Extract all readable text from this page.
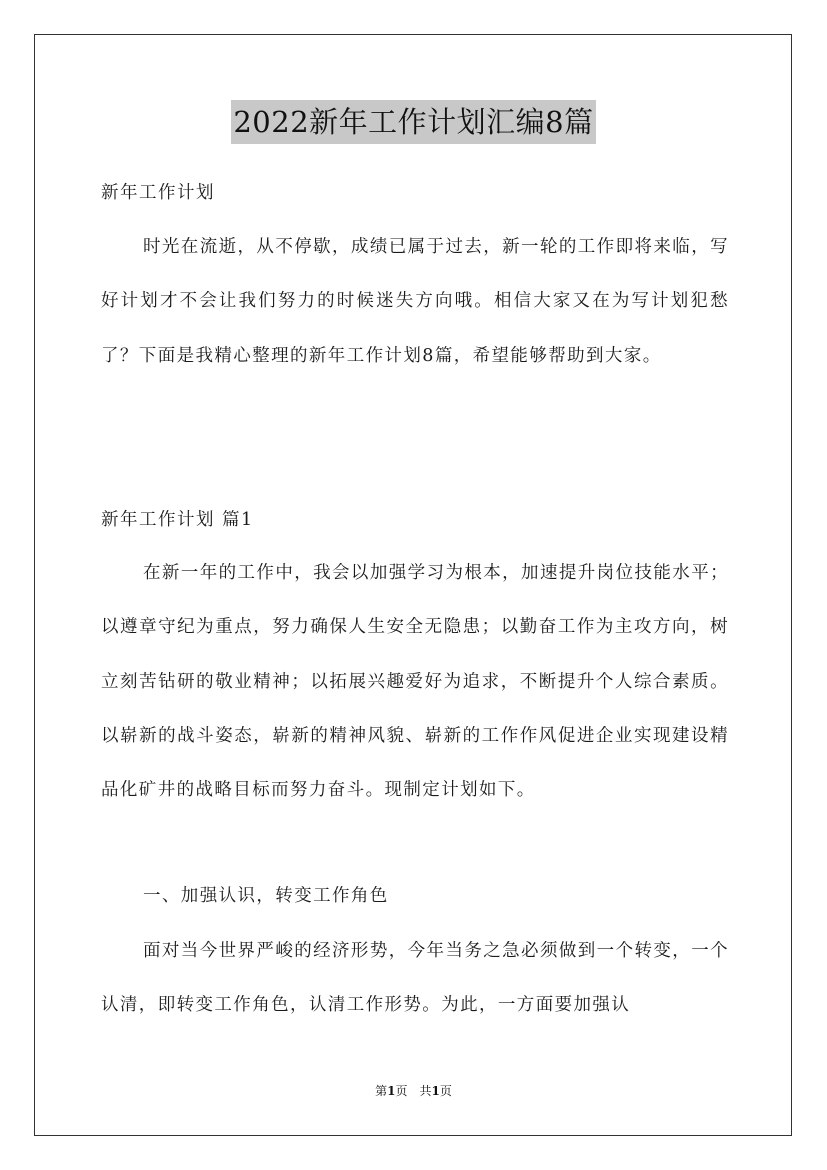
2022新年工作计划汇编8篇
新年工作计划

时光在流逝，从不停歇，成绩已属于过去，新一轮的工作即将来临，写好计划才不会让我们努力的时候迷失方向哦。相信大家又在为写计划犯愁了？下面是我精心整理的新年工作计划8篇，希望能够帮助到大家。

新年工作计划 篇1

在新一年的工作中，我会以加强学习为根本，加速提升岗位技能水平；以遵章守纪为重点，努力确保人生安全无隐患；以勤奋工作为主攻方向，树立刻苦钻研的敬业精神；以拓展兴趣爱好为追求，不断提升个人综合素质。以崭新的战斗姿态，崭新的精神风貌、崭新的工作作风促进企业实现建设精品化矿井的战略目标而努力奋斗。现制定计划如下。

一、加强认识，转变工作角色

面对当今世界严峻的经济形势，今年当务之急必须做到一个转变，一个认清，即转变工作角色，认清工作形势。为此，一方面要加强认

第1页　共1页
